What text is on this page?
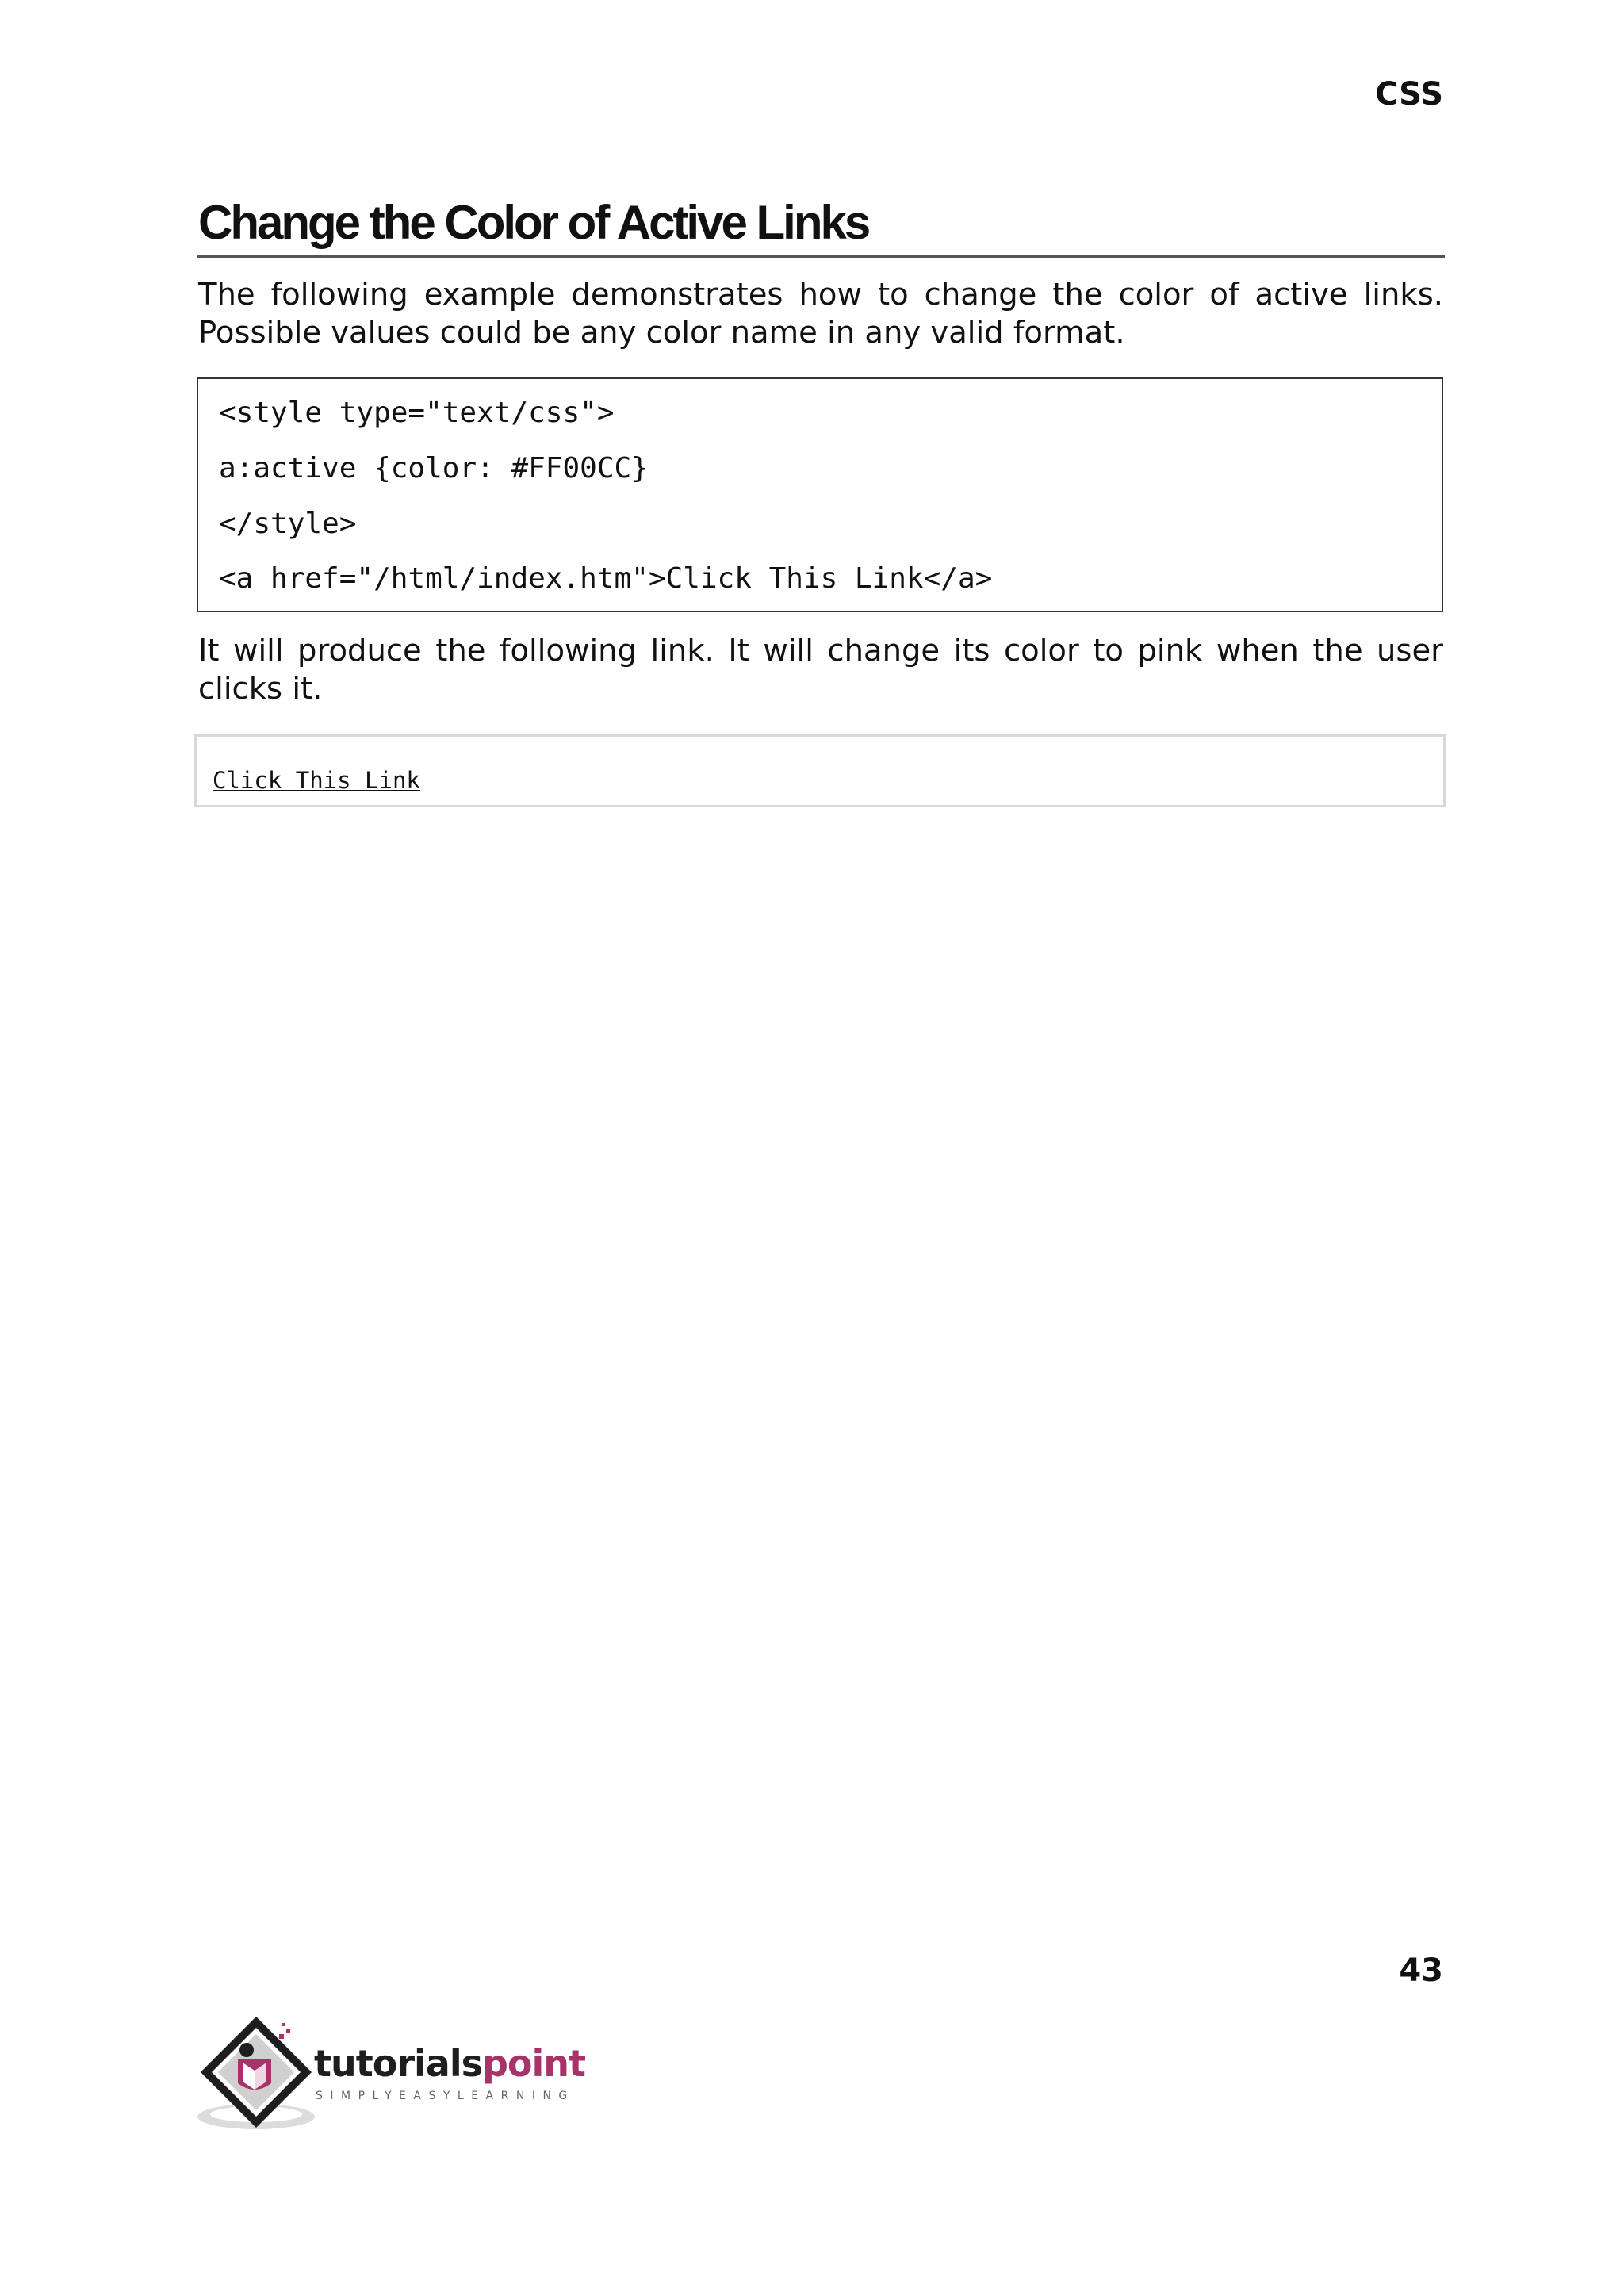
CSS
Change the Color of Active Links

The following example demonstrates how to change the color of active links. Possible values could be any color name in any valid format.

<style type="text/css">
a:active {color: #FF00CC}
</style>
<a href="/html/index.htm">Click This Link</a>

It will produce the following link. It will change its color to pink when the user clicks it.

Click This Link
43
tutorialspoint
SIMPLYEASYLEARNING
